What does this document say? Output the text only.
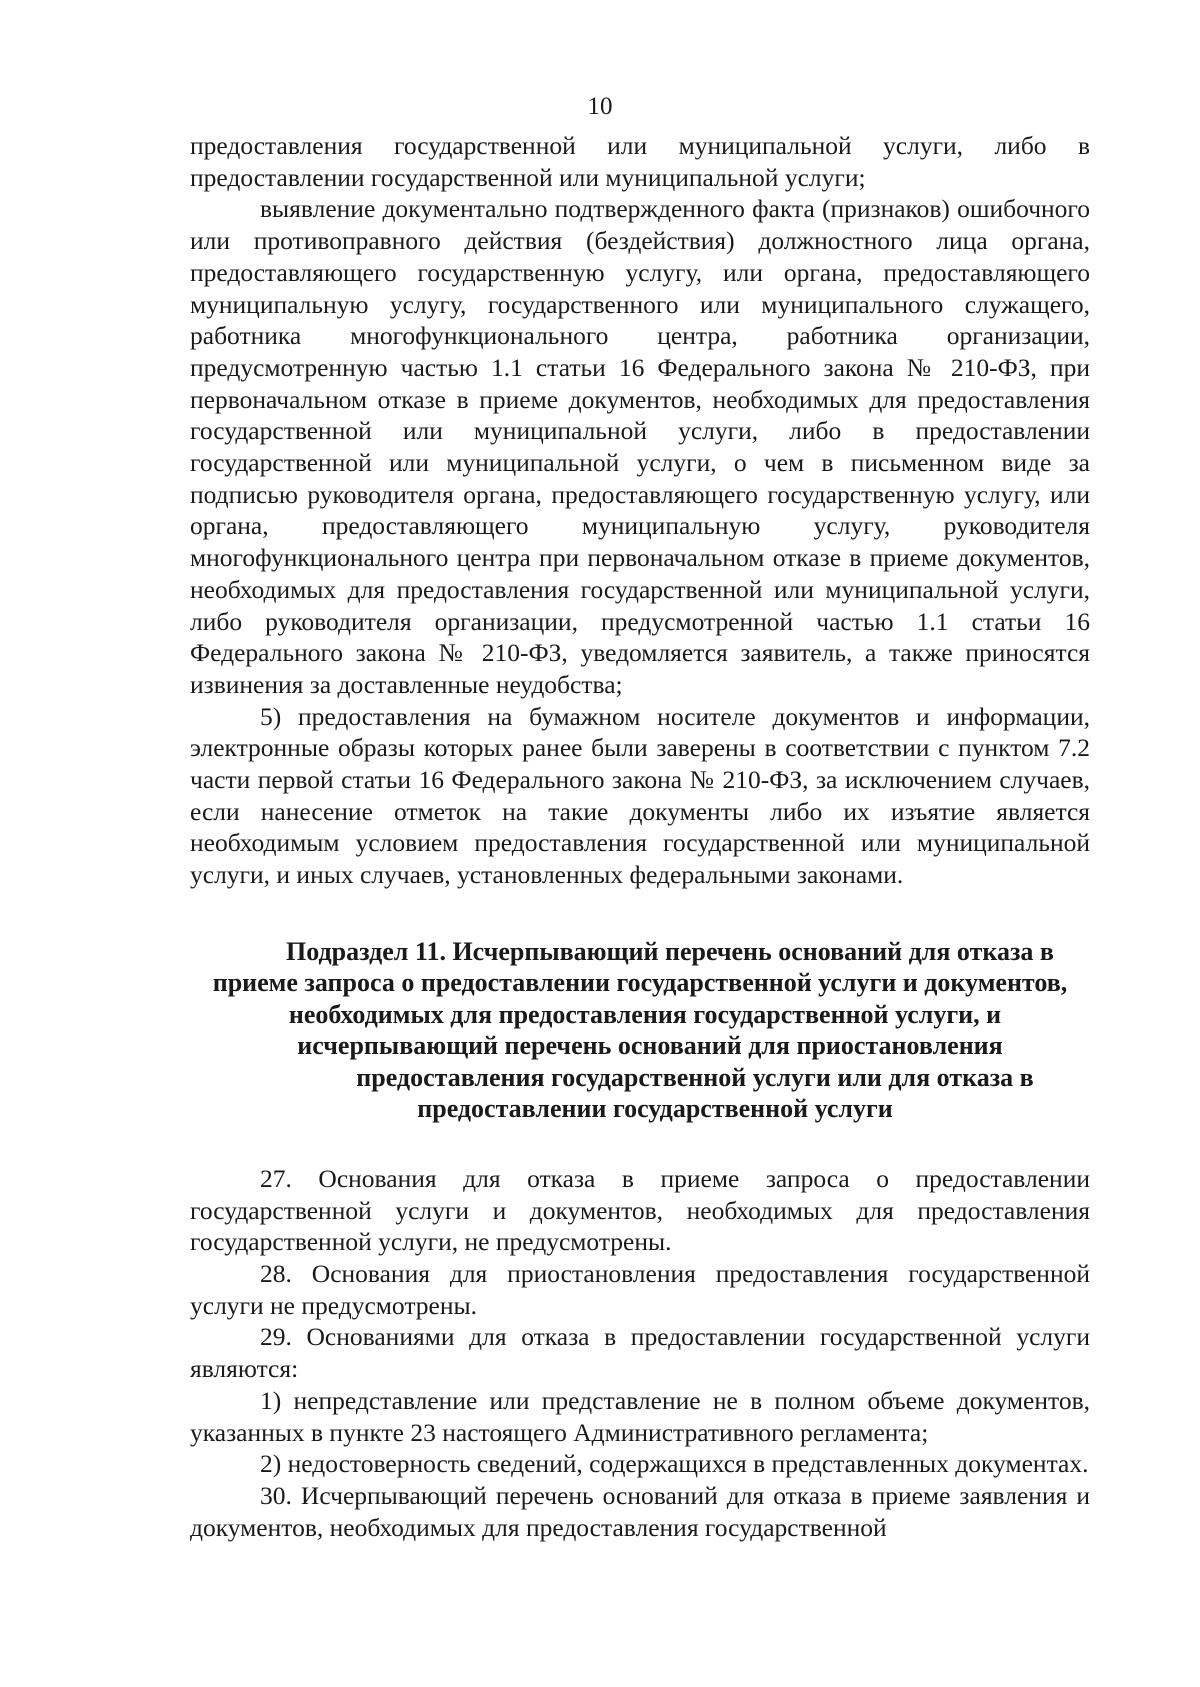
10

предоставления государственной или муниципальной услуги, либо в предоставлении государственной или муниципальной услуги;

выявление документально подтвержденного факта (признаков) ошибочного или противоправного действия (бездействия) должностного лица органа, предоставляющего государственную услугу, или органа, предоставляющего муниципальную услугу, государственного или муниципального служащего, работника многофункционального центра, работника организации, предусмотренную частью 1.1 статьи 16 Федерального закона № 210-ФЗ, при первоначальном отказе в приеме документов, необходимых для предоставления государственной или муниципальной услуги, либо в предоставлении государственной или муниципальной услуги, о чем в письменном виде за подписью руководителя органа, предоставляющего государственную услугу, или органа, предоставляющего муниципальную услугу, руководителя многофункционального центра при первоначальном отказе в приеме документов, необходимых для предоставления государственной или муниципальной услуги, либо руководителя организации, предусмотренной частью 1.1 статьи 16 Федерального закона № 210-ФЗ, уведомляется заявитель, а также приносятся извинения за доставленные неудобства;

5) предоставления на бумажном носителе документов и информации, электронные образы которых ранее были заверены в соответствии с пунктом 7.2 части первой статьи 16 Федерального закона № 210-ФЗ, за исключением случаев, если нанесение отметок на такие документы либо их изъятие является необходимым условием предоставления государственной или муниципальной услуги, и иных случаев, установленных федеральными законами.

Подраздел 11. Исчерпывающий перечень оснований для отказа в
приеме запроса о предоставлении государственной услуги и документов,
необходимых для предоставления государственной услуги, и
исчерпывающий перечень оснований для приостановления
предоставления государственной услуги или для отказа в
предоставлении государственной услуги

27. Основания для отказа в приеме запроса о предоставлении государственной услуги и документов, необходимых для предоставления государственной услуги, не предусмотрены.

28. Основания для приостановления предоставления государственной услуги не предусмотрены.

29. Основаниями для отказа в предоставлении государственной услуги являются:

1) непредставление или представление не в полном объеме документов, указанных в пункте 23 настоящего Административного регламента;

2) недостоверность сведений, содержащихся в представленных документах.

30. Исчерпывающий перечень оснований для отказа в приеме заявления и документов, необходимых для предоставления государственной
